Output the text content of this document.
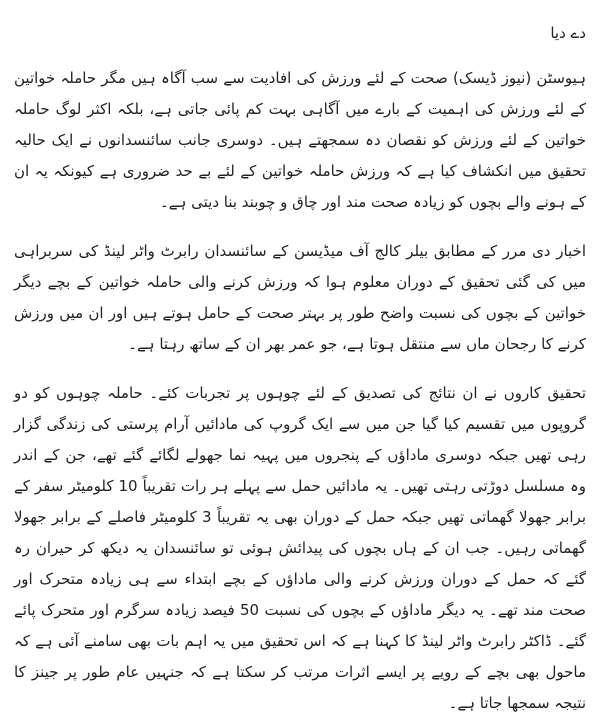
دے دیا

ہیوسٹن (نیوز ڈیسک) صحت کے لئے ورزش کی افادیت سے سب آگاہ ہیں مگر حاملہ خواتین کے لئے ورزش کی اہمیت کے بارے میں آگاہی بہت کم پائی جاتی ہے، بلکہ اکثر لوگ حاملہ خواتین کے لئے ورزش کو نقصان دہ سمجھتے ہیں۔ دوسری جانب سائنسدانوں نے ایک حالیہ تحقیق میں انکشاف کیا ہے کہ ورزش حاملہ خواتین کے لئے بے حد ضروری ہے کیونکہ یہ ان کے ہونے والے بچوں کو زیادہ صحت مند اور چاق و چوبند بنا دیتی ہے۔

اخبار دی مرر کے مطابق بیلر کالج آف میڈیسن کے سائنسدان رابرٹ واٹر لینڈ کی سربراہی میں کی گئی تحقیق کے دوران معلوم ہوا کہ ورزش کرنے والی حاملہ خواتین کے بچے دیگر خواتین کے بچوں کی نسبت واضح طور پر بہتر صحت کے حامل ہوتے ہیں اور ان میں ورزش کرنے کا رجحان ماں سے منتقل ہوتا ہے، جو عمر بھر ان کے ساتھ رہتا ہے۔

تحقیق کاروں نے ان نتائج کی تصدیق کے لئے چوہوں پر تجربات کئے۔ حاملہ چوہوں کو دو گروپوں میں تقسیم کیا گیا جن میں سے ایک گروپ کی مادائیں آرام پرستی کی زندگی گزار رہی تھیں جبکہ دوسری ماداؤں کے پنجروں میں پہیہ نما جھولے لگائے گئے تھے، جن کے اندر وہ مسلسل دوڑتی رہتی تھیں۔ یہ مادائیں حمل سے پہلے ہر رات تقریباً 10 کلومیٹر سفر کے برابر جھولا گھماتی تھیں جبکہ حمل کے دوران بھی یہ تقریباً 3 کلومیٹر فاصلے کے برابر جھولا گھماتی رہیں۔ جب ان کے ہاں بچوں کی پیدائش ہوئی تو سائنسدان یہ دیکھ کر حیران رہ گئے کہ حمل کے دوران ورزش کرنے والی ماداؤں کے بچے ابتداء سے ہی زیادہ متحرک اور صحت مند تھے۔ یہ دیگر ماداؤں کے بچوں کی نسبت 50 فیصد زیادہ سرگرم اور متحرک پائے گئے۔ ڈاکٹر رابرٹ واٹر لینڈ کا کہنا ہے کہ اس تحقیق میں یہ اہم بات بھی سامنے آئی ہے کہ ماحول بھی بچے کے رویے پر ایسے اثرات مرتب کر سکتا ہے کہ جنہیں عام طور پر جینز کا نتیجہ سمجھا جاتا ہے۔
